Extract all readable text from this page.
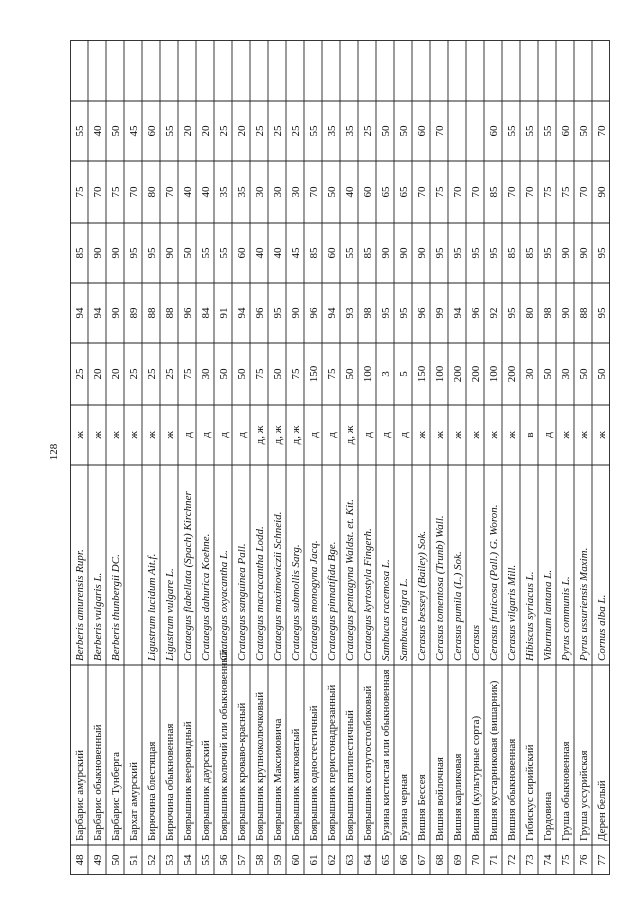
128
48
Барбарис амурский
Berberis amurensis Rupr.
ж
25
94
85
75
55
49
Барбарис обыкновенный
Berberis vulgaris L.
ж
20
94
90
70
40
50
Барбарис Тунберга
Berberis thunbergii DC.
ж
20
90
90
75
50
51
Бархат амурский
ж
25
89
95
70
45
52
Бирючина блестящая
Ligustrum lucidum Ait.f.
ж
25
88
95
80
60
53
Бирючина обыкновенная
Ligustrum vulgare L.
ж
25
88
90
70
55
54
Боярышник вееровидный
Crataegus flabellata (Spach) Kirchner
д
75
96
50
40
20
55
Боярышник даурский
Crataegus dahurica Koehne.
д
30
84
55
40
20
56
Боярышник колючий или обыкновенный
Crataegus oxyacantha L.
д
50
91
55
35
25
57
Боярышник кроваво-красный
Crataegus sanguinea Pall.
д
50
94
60
35
20
58
Боярышник крупноколючковый
Crataegus macracantha Lodd.
д, ж
75
96
40
30
25
59
Боярышник Максимовича
Crataegus maximowiczii Schneid.
д, ж
50
95
40
30
25
60
Боярышник мягковатый
Crataegus submollis Sarg.
д, ж
75
90
45
30
25
61
Боярышник одностестичный
Crataegus monogyna Jacq.
д
150
96
85
70
55
62
Боярышник перистонадрезанный
Crataegus pinnatifida Bge.
д
75
94
60
50
35
63
Боярышник пятипестичный
Crataegus pentagyna Waldst. et. Kit.
д, ж
50
93
55
40
35
64
Боярышник согнутостолбиковый
Crataegus kyrtostyla Fingerh.
д
100
98
85
60
25
65
Бузина кистистая или обыкновенная
Sambucus racemosa L.
д
3
95
90
65
50
66
Бузина черная
Sambucus nigra L.
д
5
95
90
65
50
67
Вишня Бессея
Cerasus besseyi (Bailey) Sok.
ж
150
96
90
70
60
68
Вишня войлочная
Cerasus tomentosa (Trunb) Wall.
ж
100
99
95
75
70
69
Вишня карликовая
Cerasus pumila (L.) Sok.
ж
200
94
95
70
70
Вишня (культурные сорта)
Cerasus
ж
200
96
95
70
71
Вишня кустарниковая (вишарник)
Cerasus fruticosa (Pall.) G. Woron.
ж
100
92
95
85
60
72
Вишня обыкновенная
Cerasus vilgaris Mill.
ж
200
95
85
70
55
73
Гибискус сирийский
Hibiscus syriacus L.
в
30
80
85
70
55
74
Гордовина
Viburnum lantana L.
д
50
98
95
75
55
75
Груша обыкновенная
Pyrus communis L.
ж
30
90
90
75
60
76
Груша уссурийская
Pyrus ussuriensis Maxim.
ж
50
88
90
70
50
77
Дерен белый
Cornus alba L.
ж
50
95
95
90
70
